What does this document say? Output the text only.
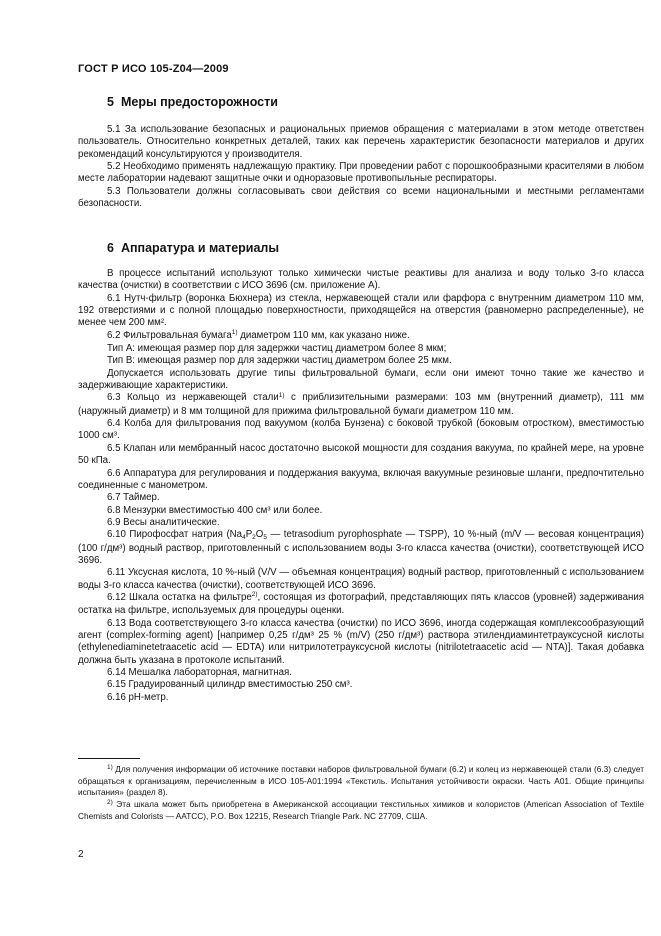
ГОСТ Р ИСО 105-Z04—2009
5 Меры предосторожности

5.1 За использование безопасных и рациональных приемов обращения с материалами в этом методе ответствен пользователь. Относительно конкретных деталей, таких как перечень характеристик безопасности материалов и других рекомендаций консультируются у производителя.

5.2 Необходимо применять надлежащую практику. При проведении работ с порошкообразными красителями в любом месте лаборатории надевают защитные очки и одноразовые противопыльные респираторы.

5.3 Пользователи должны согласовывать свои действия со всеми национальными и местными регламентами безопасности.

6 Аппаратура и материалы

В процессе испытаний используют только химически чистые реактивы для анализа и воду только 3-го класса качества (очистки) в соответствии с ИСО 3696 (см. приложение А).

6.1 Нутч-фильтр (воронка Бюхнера) из стекла, нержавеющей стали или фарфора с внутренним диаметром 110 мм, 192 отверстиями и с полной площадью поверхностности, приходящейся на отверстия (равномерно распределенные), не менее чем 200 мм².

6.2 Фильтровальная бумага$^{1)}$ диаметром 110 мм, как указано ниже.

Тип А: имеющая размер пор для задержки частиц диаметром более 8 мкм;

Тип В: имеющая размер пор для задержки частиц диаметром более 25 мкм.

Допускается использовать другие типы фильтровальной бумаги, если они имеют точно такие же качество и задерживающие характеристики.

6.3 Кольцо из нержавеющей стали$^{1)}$ с приблизительными размерами: 103 мм (внутренний диаметр), 111 мм (наружный диаметр) и 8 мм толщиной для прижима фильтровальной бумаги диаметром 110 мм.

6.4 Колба для фильтрования под вакуумом (колба Бунзена) с боковой трубкой (боковым отростком), вместимостью 1000 см³.

6.5 Клапан или мембранный насос достаточно высокой мощности для создания вакуума, по крайней мере, на уровне 50 кПа.

6.6 Аппаратура для регулирования и поддержания вакуума, включая вакуумные резиновые шланги, предпочтительно соединенные с манометром.

6.7 Таймер.

6.8 Мензурки вместимостью 400 см³ или более.

6.9 Весы аналитические.

6.10 Пирофосфат натрия ($Na_4P_2O_5$ — tetrasodium pyrophosphate — TSPP), 10 %-ный (m/V — весовая концентрация) (100 г/дм³) водный раствор, приготовленный с использованием воды 3-го класса качества (очистки), соответствующей ИСО 3696.

6.11 Уксусная кислота, 10 %-ный (V/V — объемная концентрация) водный раствор, приготовленный с использованием воды 3-го класса качества (очистки), соответствующей ИСО 3696.

6.12 Шкала остатка на фильтре$^{2)}$, состоящая из фотографий, представляющих пять классов (уровней) задерживания остатка на фильтре, используемых для процедуры оценки.

6.13 Вода соответствующего 3-го класса качества (очистки) по ИСО 3696, иногда содержащая комплексообразующий агент (complex-forming agent) [например 0,25 г/дм³ 25 % (m/V) (250 г/дм³) раствора этилендиаминтетрауксусной кислоты (ethylenediaminetetraacetic acid — EDTA) или нитрилотетрауксусной кислоты (nitrilotetraacetic acid — NTA)]. Такая добавка должна быть указана в протоколе испытаний.

6.14 Мешалка лабораторная, магнитная.

6.15 Градуированный цилиндр вместимостью 250 см³.

6.16 pH-метр.

$^{1)}$ Для получения информации об источнике поставки наборов фильтровальной бумаги (6.2) и колец из нержавеющей стали (6.3) следует обращаться к организациям, перечисленным в ИСО 105-A01:1994 «Текстиль. Испытания устойчивости окраски. Часть А01. Общие принципы испытания» (раздел 8).

$^{2)}$ Эта шкала может быть приобретена в Американской ассоциации текстильных химиков и колористов (American Association of Textile Chemists and Colorists — AATCC), P.O. Box 12215, Research Triangle Park. NC 27709, США.

2
